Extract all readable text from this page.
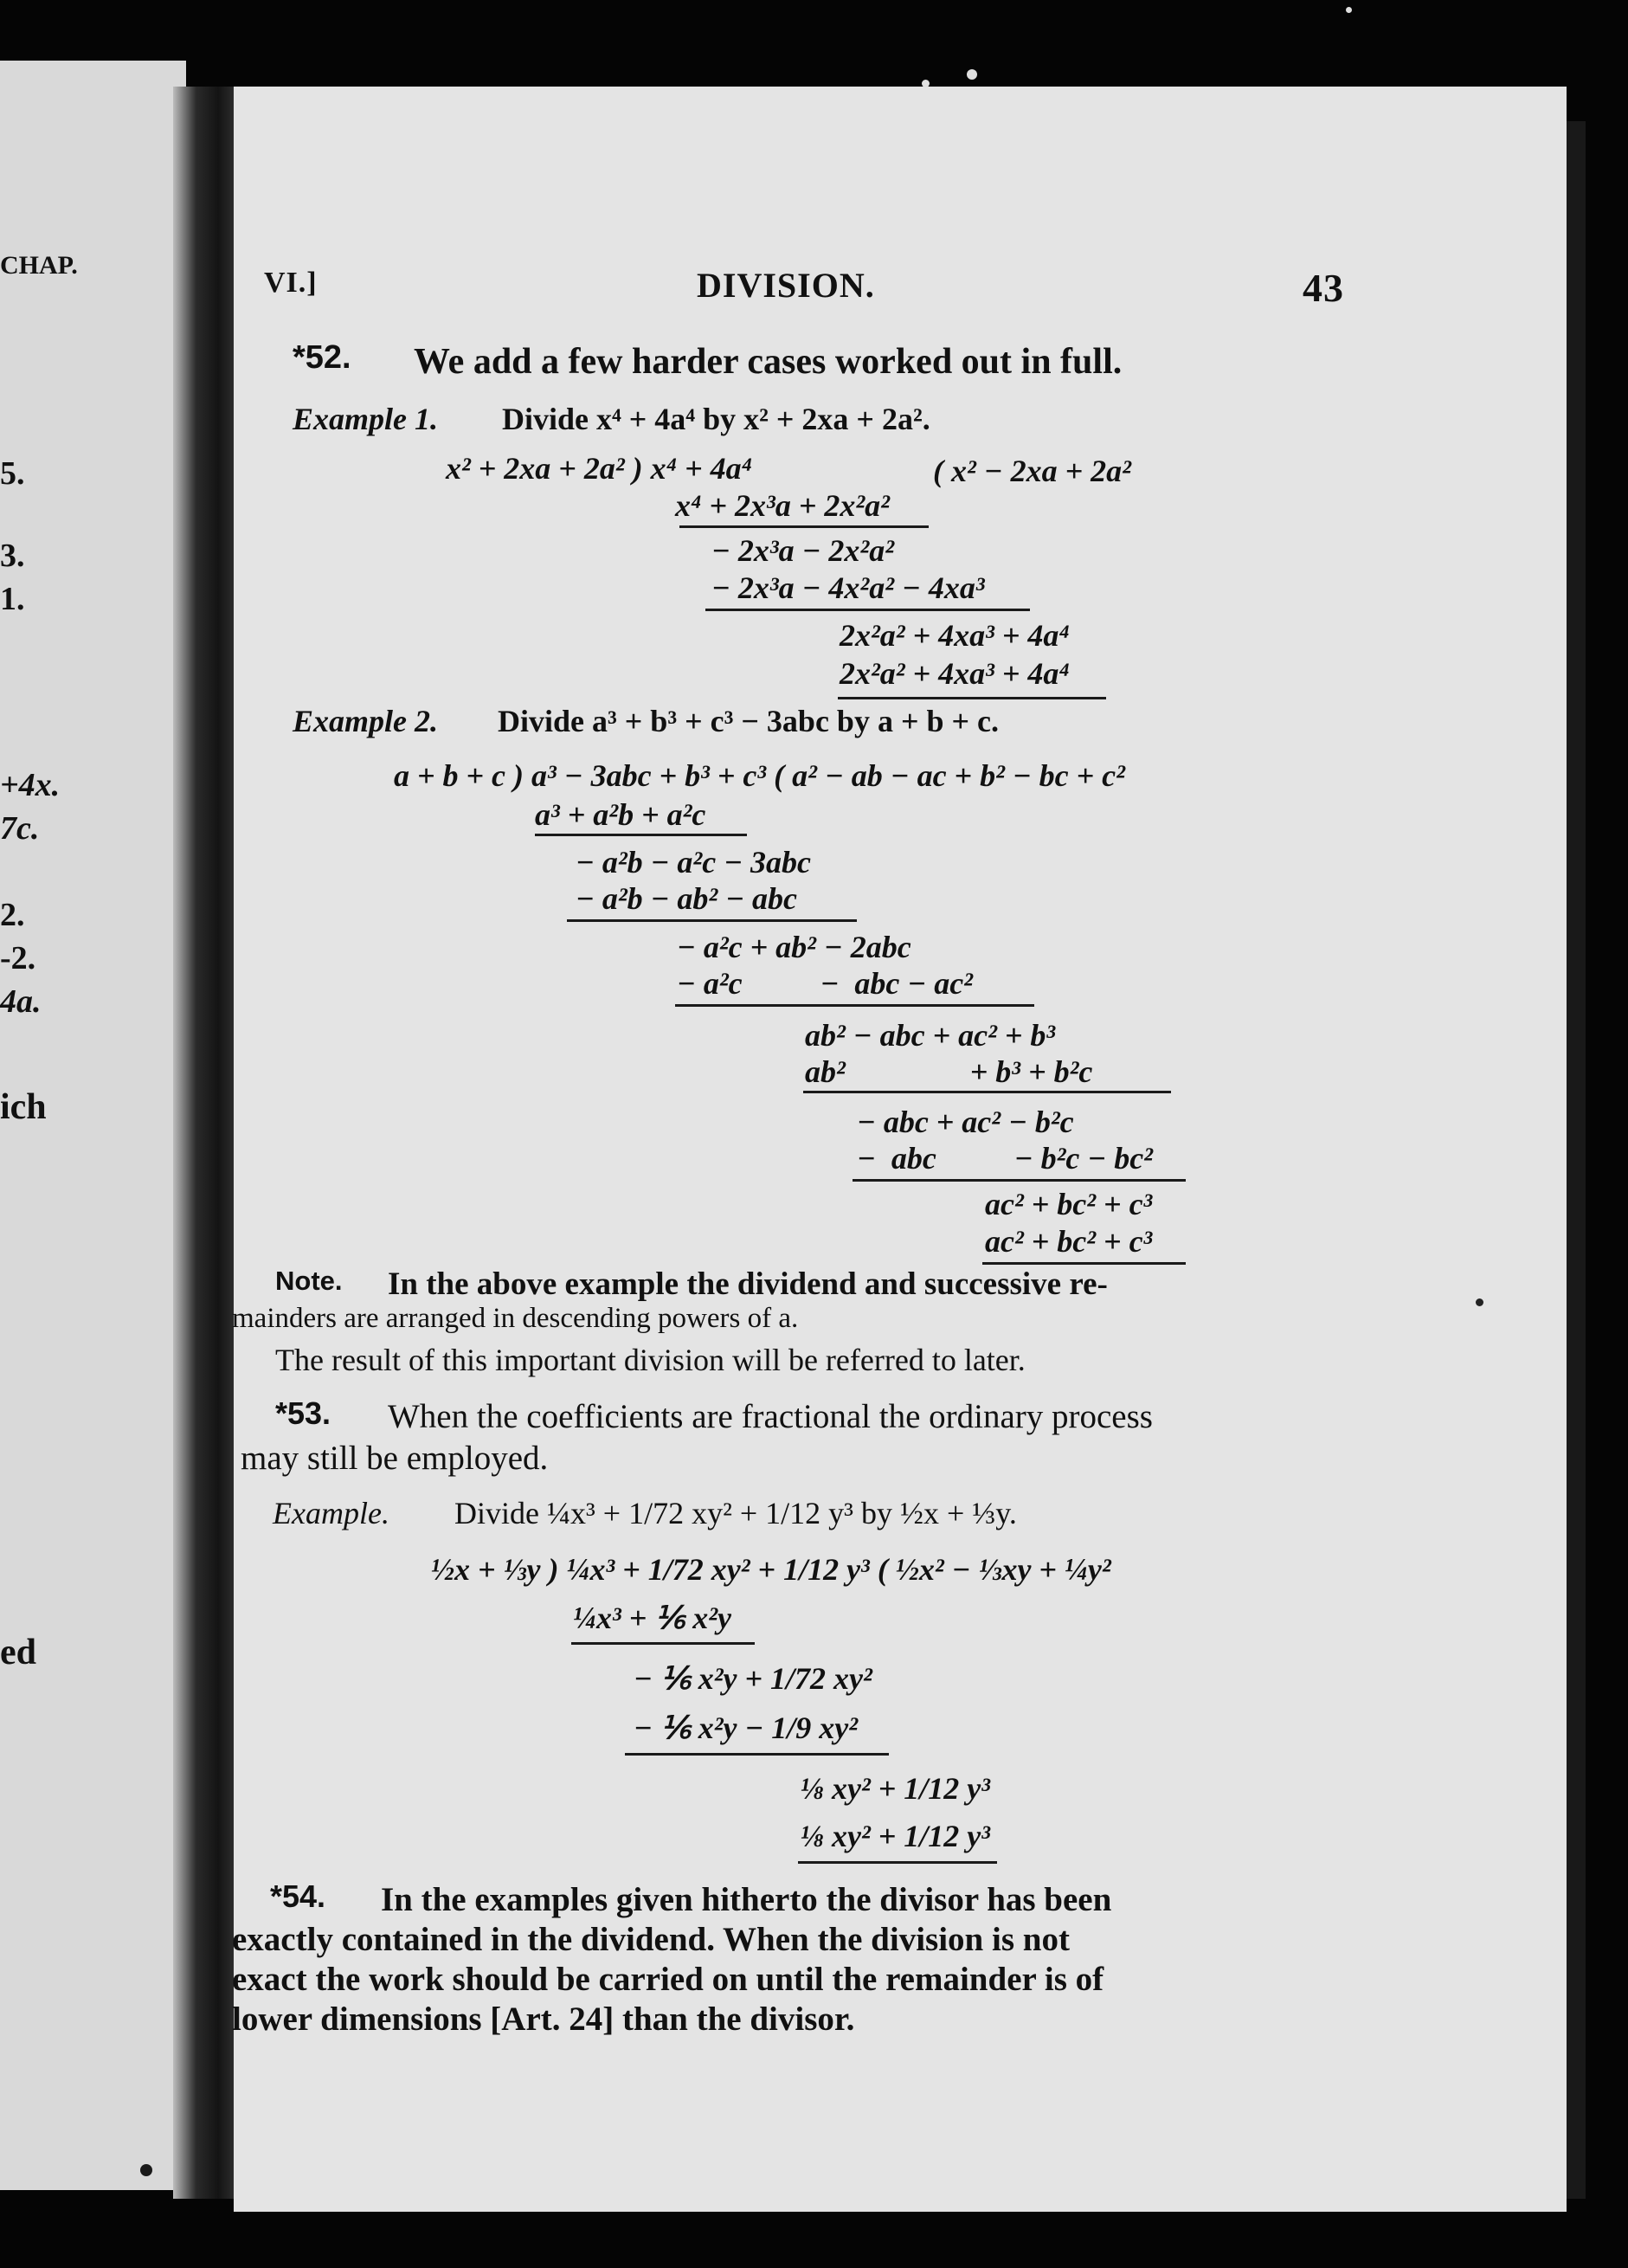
CHAP.
5.
3.
1.
+4x.
7c.
2.
-2.
4a.
ich
ed
VI.]	DIVISION.	43
*52. We add a few harder cases worked out in full.
Example 1. Divide x⁴ + 4a⁴ by x² + 2xa + 2a².
x² + 2xa + 2a² ) x⁴ + 4a⁴	( x² − 2xa + 2a²
x⁴ + 2x³a + 2x²a²
− 2x³a − 2x²a²
− 2x³a − 4x²a² − 4xa³
2x²a² + 4xa³ + 4a⁴
2x²a² + 4xa³ + 4a⁴
Example 2. Divide a³ + b³ + c³ − 3abc by a + b + c.
a + b + c ) a³ − 3abc + b³ + c³ ( a² − ab − ac + b² − bc + c²
a³ + a²b + a²c
− a²b − a²c − 3abc
− a²b − ab² − abc
− a²c + ab² − 2abc
− a²c          −  abc − ac²
ab² − abc + ac² + b³
ab²                + b³ + b²c
− abc + ac² − b²c
−  abc          − b²c − bc²
ac² + bc² + c³
ac² + bc² + c³
Note. In the above example the dividend and successive re-
mainders are arranged in descending powers of a.
The result of this important division will be referred to later.
*53. When the coefficients are fractional the ordinary process
may still be employed.
Example. Divide ¼x³ + 1/72 xy² + 1/12 y³ by ½x + ⅓y.
½x + ⅓y ) ¼x³ + 1/72 xy² + 1/12 y³ ( ½x² − ⅓xy + ¼y²
¼x³ + ⅙ x²y
− ⅙ x²y + 1/72 xy²
− ⅙ x²y − 1/9 xy²
⅛ xy² + 1/12 y³
⅛ xy² + 1/12 y³
*54. In the examples given hitherto the divisor has been
exactly contained in the dividend. When the division is not
exact the work should be carried on until the remainder is of
lower dimensions [Art. 24] than the divisor.
